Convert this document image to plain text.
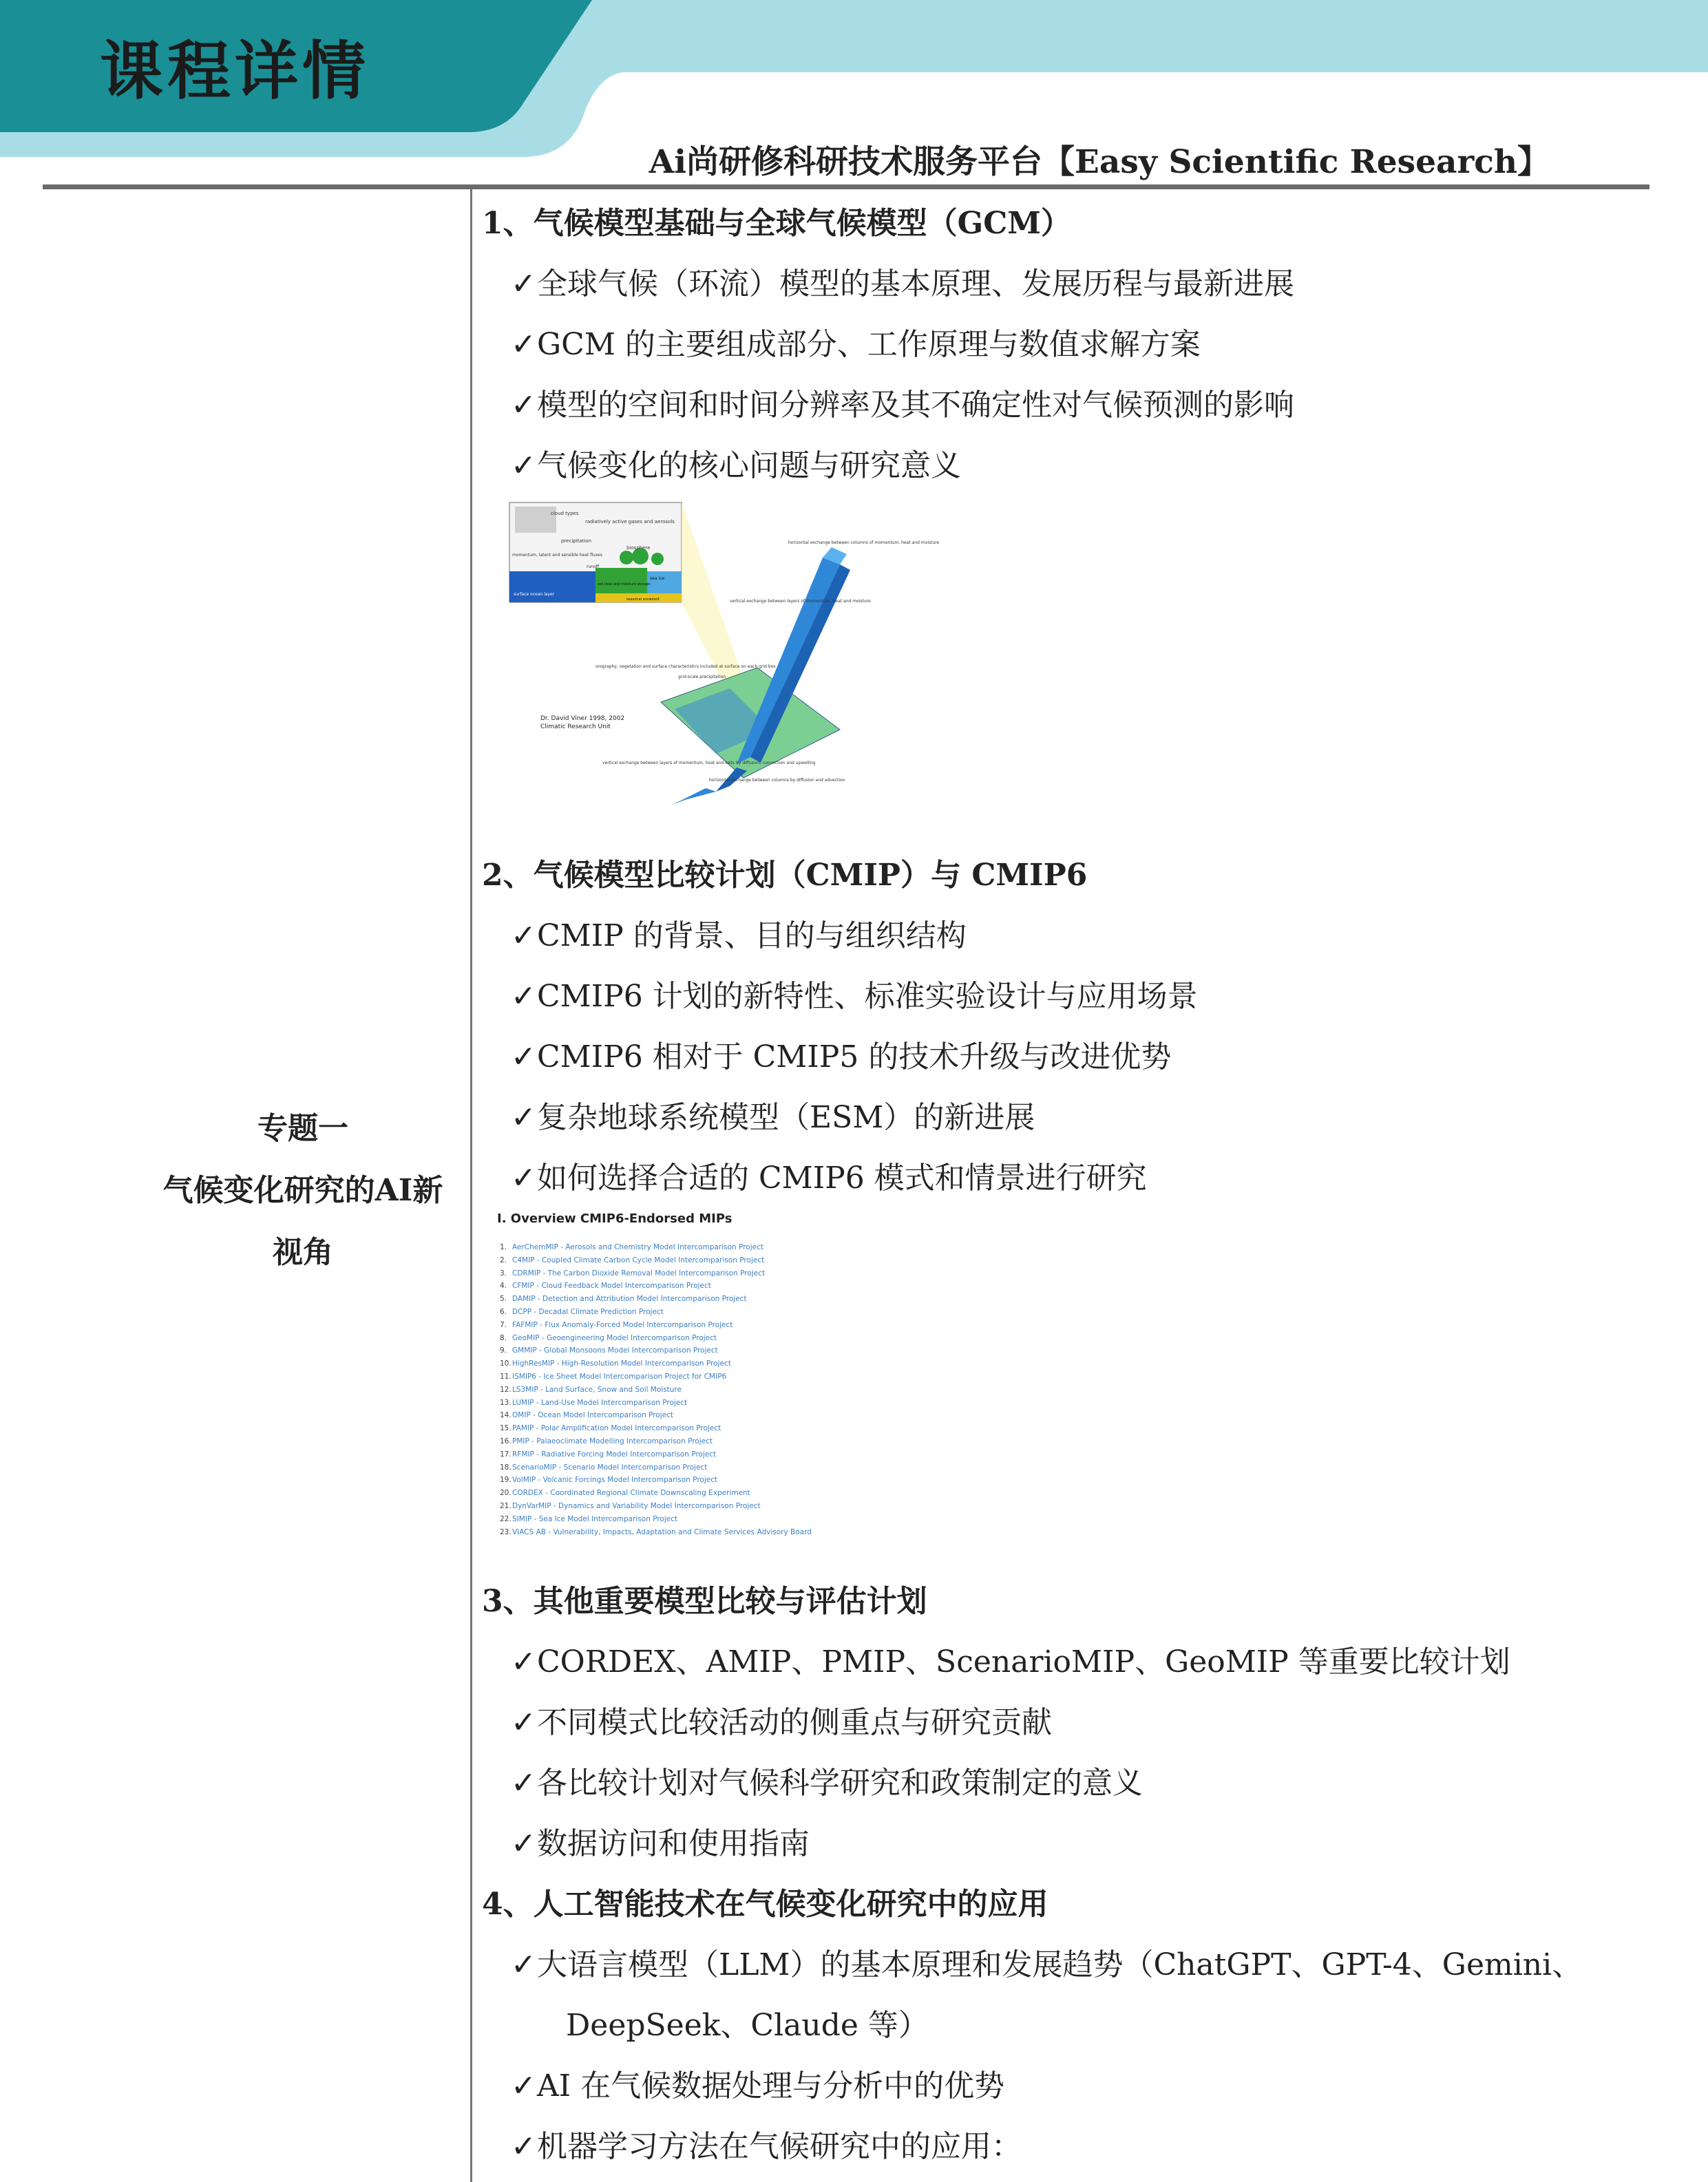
课程详情
Ai尚研修科研技术服务平台【Easy Scientific Research】
专题一
气候变化研究的AI新
视角
1、气候模型基础与全球气候模型（GCM）
✓全球气候（环流）模型的基本原理、发展历程与最新进展
✓GCM 的主要组成部分、工作原理与数值求解方案
✓模型的空间和时间分辨率及其不确定性对气候预测的影响
✓气候变化的核心问题与研究意义
2、气候模型比较计划（CMIP）与 CMIP6
✓CMIP 的背景、目的与组织结构
✓CMIP6 计划的新特性、标准实验设计与应用场景
✓CMIP6 相对于 CMIP5 的技术升级与改进优势
✓复杂地球系统模型（ESM）的新进展
✓如何选择合适的 CMIP6 模式和情景进行研究
3、其他重要模型比较与评估计划
✓CORDEX、AMIP、PMIP、ScenarioMIP、GeoMIP 等重要比较计划
✓不同模式比较活动的侧重点与研究贡献
✓各比较计划对气候科学研究和政策制定的意义
✓数据访问和使用指南
4、人工智能技术在气候变化研究中的应用
✓大语言模型（LLM）的基本原理和发展趋势（ChatGPT、GPT-4、Gemini、
DeepSeek、Claude 等）
✓AI 在气候数据处理与分析中的优势
✓机器学习方法在气候研究中的应用：
cloud types
radiatively active gases and aerosols
precipitation
momentum, latent and sensible heat fluxes
biosphere
runoff
soil heat and moisture storage
sea ice
surface ocean layer
seasonal snowmelt
horizontal exchange between columns of momentum, heat and moisture
vertical exchange between layers of momentum, heat and moisture
orography, vegetation and surface characteristics included at surface on each grid box
grid-scale precipitation
Dr. David Viner 1998, 2002
Climatic Research Unit
vertical exchange between layers of momentum, heat and salts by diffusion, convection and upwelling
horizontal exchange between columns by diffusion and advection
I. Overview CMIP6-Endorsed MIPs
1. AerChemMIP - Aerosols and Chemistry Model Intercomparison Project
2. C4MIP - Coupled Climate Carbon Cycle Model Intercomparison Project
3. CDRMIP - The Carbon Dioxide Removal Model Intercomparison Project
4. CFMIP - Cloud Feedback Model Intercomparison Project
5. DAMIP - Detection and Attribution Model Intercomparison Project
6. DCPP - Decadal Climate Prediction Project
7. FAFMIP - Flux Anomaly-Forced Model Intercomparison Project
8. GeoMIP - Geoengineering Model Intercomparison Project
9. GMMIP - Global Monsoons Model Intercomparison Project
10.HighResMIP - High-Resolution Model Intercomparison Project
11.ISMIP6 - Ice Sheet Model Intercomparison Project for CMIP6
12.LS3MIP - Land Surface, Snow and Soil Moisture
13.LUMIP - Land-Use Model Intercomparison Project
14.OMIP - Ocean Model Intercomparison Project
15.PAMIP - Polar Amplification Model Intercomparison Project
16.PMIP - Palaeoclimate Modelling Intercomparison Project
17.RFMIP - Radiative Forcing Model Intercomparison Project
18.ScenarioMIP - Scenario Model Intercomparison Project
19.VolMIP - Volcanic Forcings Model Intercomparison Project
20.CORDEX - Coordinated Regional Climate Downscaling Experiment
21.DynVarMIP - Dynamics and Variability Model Intercomparison Project
22.SIMIP - Sea Ice Model Intercomparison Project
23.VIACS AB - Vulnerability, Impacts, Adaptation and Climate Services Advisory Board
